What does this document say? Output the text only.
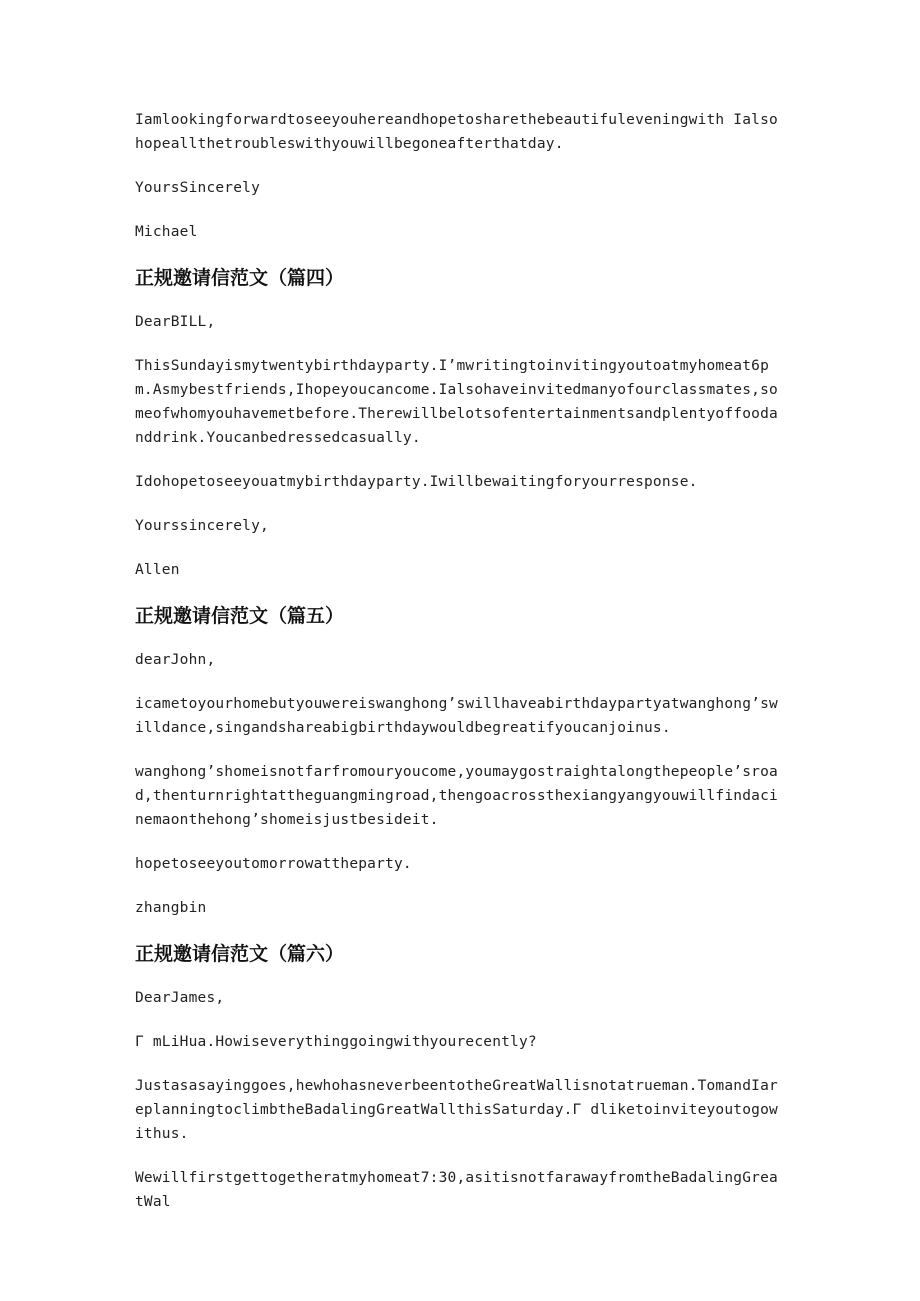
Iamlookingforwardtoseeyouhereandhopetosharethebeautifuleveningwith Ialsohopeallthetroubleswithyouwillbegoneafterthatday.

YoursSincerely

Michael

正规邀请信范文（篇四）

DearBILL,

ThisSundayismytwentybirthdayparty.I’mwritingtoinvitingyoutoatmyhomeat6pm.Asmybestfriends,Ihopeyoucancome.Ialsohaveinvitedmanyofourclassmates,someofwhomyouhavemetbefore.Therewillbelotsofentertainmentsandplentyoffoodanddrink.Youcanbedressedcasually.

Idohopetoseeyouatmybirthdayparty.Iwillbewaitingforyourresponse.

Yourssincerely,

Allen

正规邀请信范文（篇五）

dearJohn,

icametoyourhomebutyouwereiswanghong’swillhaveabirthdaypartyatwanghong’swilldance,singandshareabigbirthdaywouldbegreatifyoucanjoinus.

wanghong’shomeisnotfarfromouryoucome,youmaygostraightalongthepeople’sroad,thenturnrightattheguangmingroad,thengoacrossthexiangyangyouwillfindacinemaonthehong’shomeisjustbesideit.

hopetoseeyoutomorrowattheparty.

zhangbin

正规邀请信范文（篇六）

DearJames,

Γ mLiHua.Howiseverythinggoingwithyourecently?

Justasasayinggoes,hewhohasneverbeentotheGreatWallisnotatrueman.TomandIareplanningtoclimbtheBadalingGreatWallthisSaturday.Γ dliketoinviteyoutogowithus.

Wewillfirstgettogetheratmyhomeat7:30,asitisnotfarawayfromtheBadalingGreatWal
